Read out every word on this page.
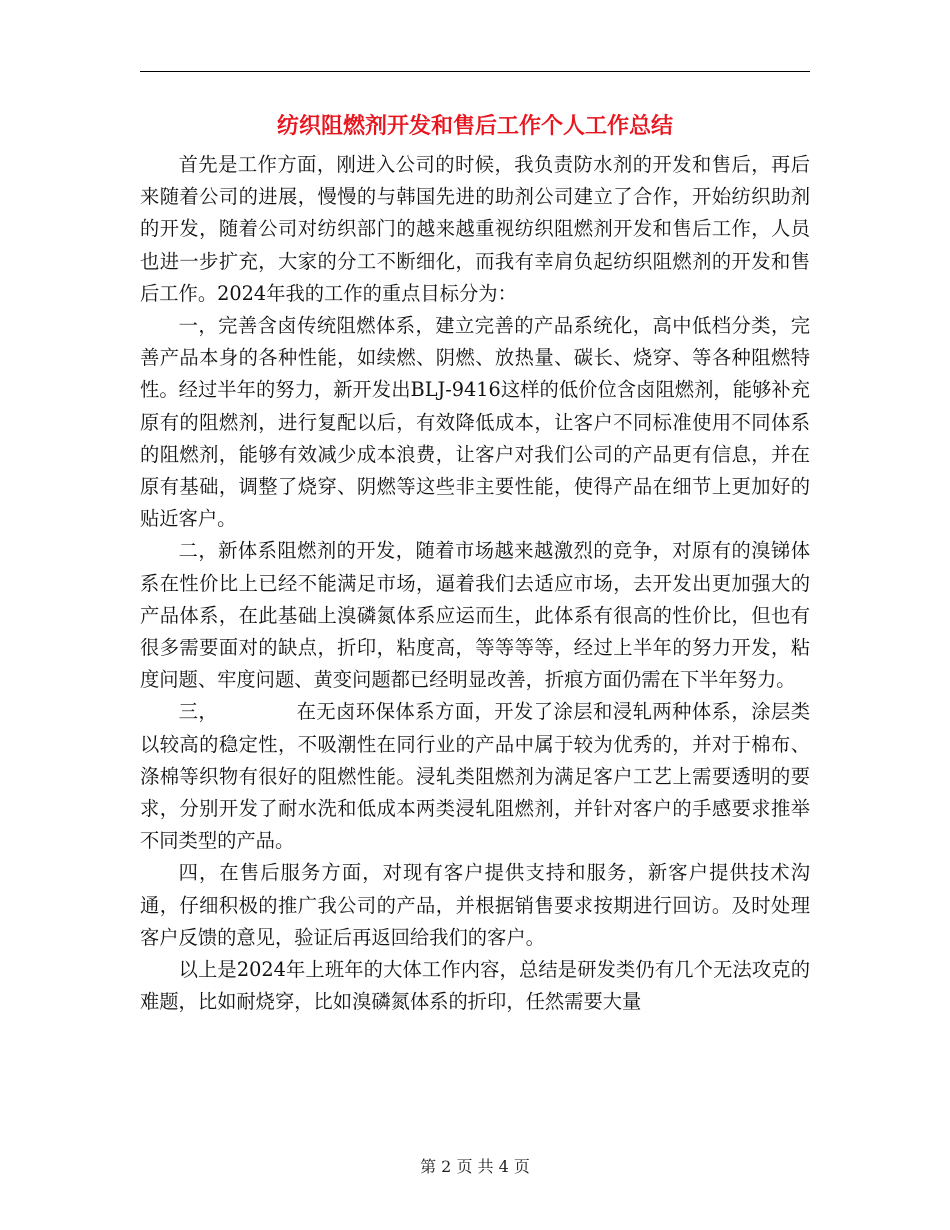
纺织阻燃剂开发和售后工作个人工作总结

首先是工作方面，刚进入公司的时候，我负责防水剂的开发和售后，再后来随着公司的进展，慢慢的与韩国先进的助剂公司建立了合作，开始纺织助剂的开发，随着公司对纺织部门的越来越重视纺织阻燃剂开发和售后工作，人员也进一步扩充，大家的分工不断细化，而我有幸肩负起纺织阻燃剂的开发和售后工作。2024年我的工作的重点目标分为：

一，完善含卤传统阻燃体系，建立完善的产品系统化，高中低档分类，完善产品本身的各种性能，如续燃、阴燃、放热量、碳长、烧穿、等各种阻燃特性。经过半年的努力，新开发出BLJ-9416这样的低价位含卤阻燃剂，能够补充原有的阻燃剂，进行复配以后，有效降低成本，让客户不同标准使用不同体系的阻燃剂，能够有效减少成本浪费，让客户对我们公司的产品更有信息，并在原有基础，调整了烧穿、阴燃等这些非主要性能，使得产品在细节上更加好的贴近客户。

二，新体系阻燃剂的开发，随着市场越来越激烈的竞争，对原有的溴锑体系在性价比上已经不能满足市场，逼着我们去适应市场，去开发出更加强大的产品体系，在此基础上溴磷氮体系应运而生，此体系有很高的性价比，但也有很多需要面对的缺点，折印，粘度高，等等等等，经过上半年的努力开发，粘度问题、牢度问题、黄变问题都已经明显改善，折痕方面仍需在下半年努力。

三，	在无卤环保体系方面，开发了涂层和浸轧两种体系，涂层类以较高的稳定性，不吸潮性在同行业的产品中属于较为优秀的，并对于棉布、涤棉等织物有很好的阻燃性能。浸轧类阻燃剂为满足客户工艺上需要透明的要求，分别开发了耐水洗和低成本两类浸轧阻燃剂，并针对客户的手感要求推举不同类型的产品。

四，在售后服务方面，对现有客户提供支持和服务，新客户提供技术沟通，仔细积极的推广我公司的产品，并根据销售要求按期进行回访。及时处理客户反馈的意见，验证后再返回给我们的客户。

以上是2024年上班年的大体工作内容，总结是研发类仍有几个无法攻克的难题，比如耐烧穿，比如溴磷氮体系的折印，任然需要大量

第 2 页 共 4 页
